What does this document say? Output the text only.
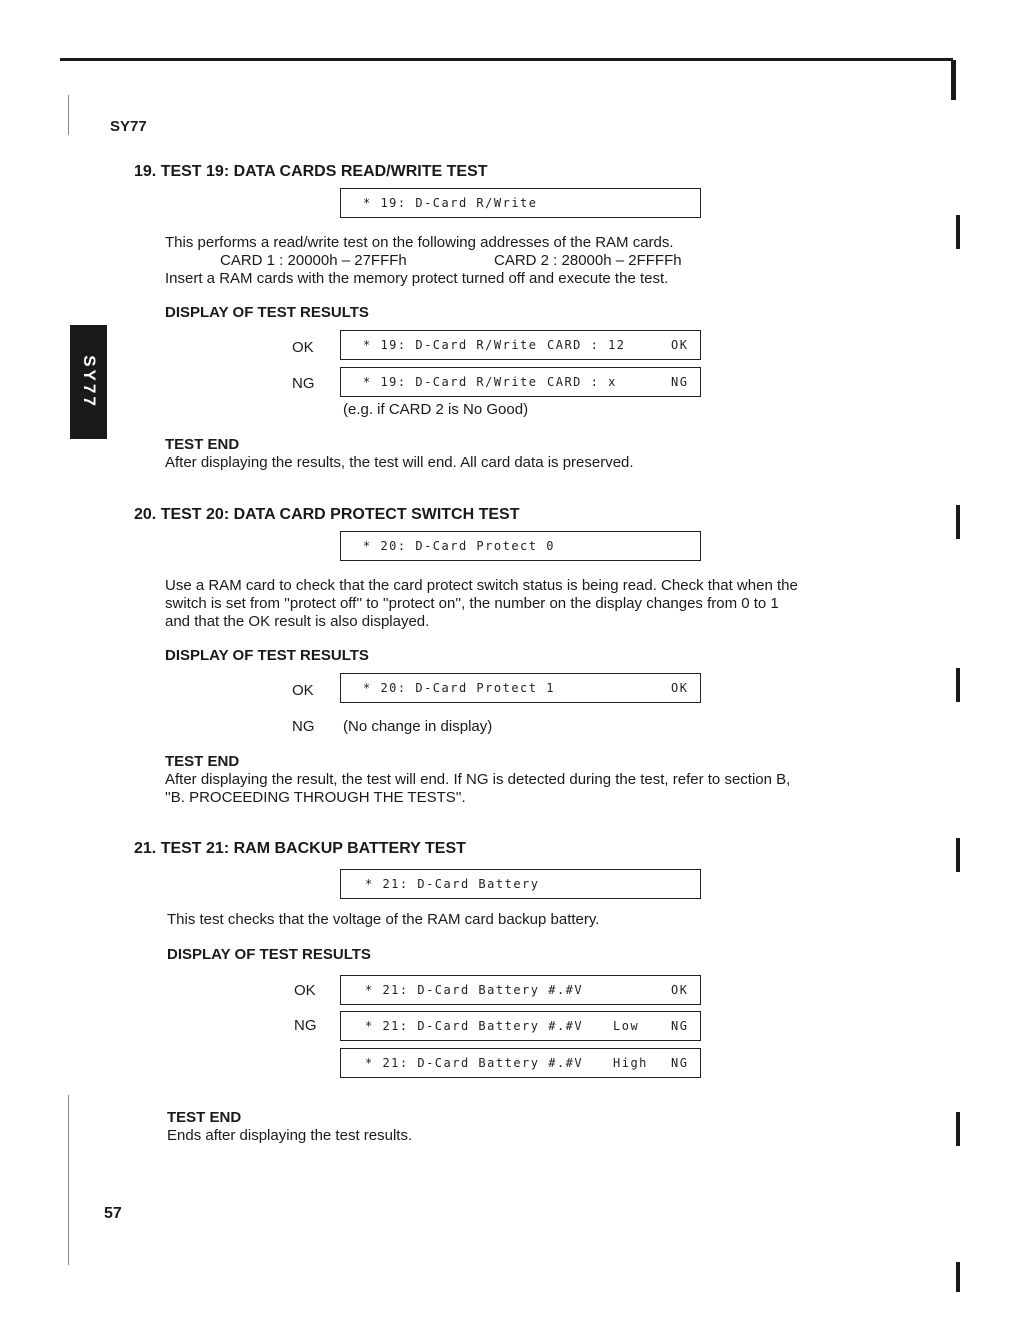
SY77
SY77
57
19. TEST 19: DATA CARDS READ/WRITE TEST
* 19: D-Card R/Write
This performs a read/write test on the following addresses of the RAM cards.
CARD 1 : 20000h – 27FFFh	CARD 2 : 28000h – 2FFFFh
Insert a RAM cards with the memory protect turned off and execute the test.
DISPLAY OF TEST RESULTS
OK	* 19: D-Card R/Write CARD : 12	OK
NG	* 19: D-Card R/Write CARD : x	NG
(e.g. if CARD 2 is No Good)
TEST END
After displaying the results, the test will end. All card data is preserved.
20. TEST 20: DATA CARD PROTECT SWITCH TEST
* 20: D-Card Protect 0
Use a RAM card to check that the card protect switch status is being read. Check that when the
switch is set from ''protect off'' to ''protect on'', the number on the display changes from 0 to 1
and that the OK result is also displayed.
DISPLAY OF TEST RESULTS
OK	* 20: D-Card Protect 1	OK
NG (No change in display)
TEST END
After displaying the result, the test will end. If NG is detected during the test, refer to section B,
''B. PROCEEDING THROUGH THE TESTS''.
21. TEST 21: RAM BACKUP BATTERY TEST
* 21: D-Card Battery
This test checks that the voltage of the RAM card backup battery.
DISPLAY OF TEST RESULTS
OK	* 21: D-Card Battery #.#V	OK
NG	* 21: D-Card Battery #.#V Low	NG
* 21: D-Card Battery #.#V High NG
TEST END
Ends after displaying the test results.
